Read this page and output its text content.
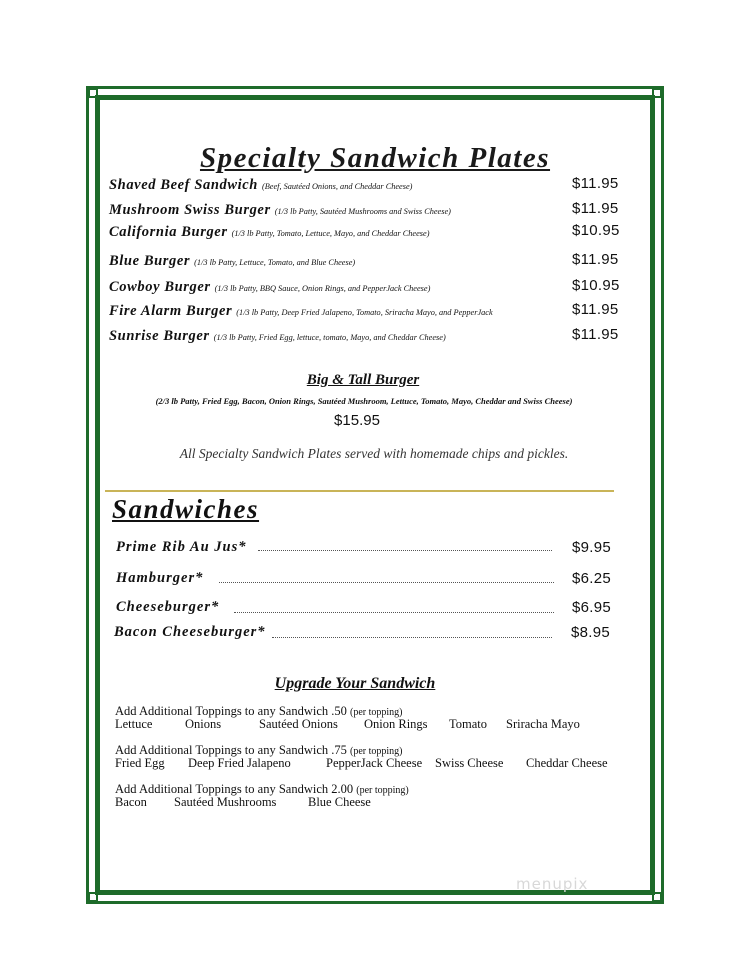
Specialty Sandwich Plates
Shaved Beef Sandwich (Beef, Sautéed Onions, and Cheddar Cheese)	$11.95
Mushroom Swiss Burger (1/3 lb Patty, Sautéed Mushrooms and Swiss Cheese)	$11.95
California Burger (1/3 lb Patty, Tomato, Lettuce, Mayo, and Cheddar Cheese)	$10.95
Blue Burger (1/3 lb Patty, Lettuce, Tomato, and Blue Cheese)	$11.95
Cowboy Burger (1/3 lb Patty, BBQ Sauce, Onion Rings, and PepperJack Cheese)	$10.95
Fire Alarm Burger (1/3 lb Patty, Deep Fried Jalapeno, Tomato, Sriracha Mayo, and PepperJack	$11.95
Sunrise Burger (1/3 lb Patty, Fried Egg, lettuce, tomato, Mayo, and Cheddar Cheese)	$11.95
Big & Tall Burger
(2/3 lb Patty, Fried Egg, Bacon, Onion Rings, Sautéed Mushroom, Lettuce, Tomato, Mayo, Cheddar and Swiss Cheese)
$15.95
All Specialty Sandwich Plates served with homemade chips and pickles.
Sandwiches
Prime Rib Au Jus*	$9.95
Hamburger*	$6.25
Cheeseburger*	$6.95
Bacon Cheeseburger*	$8.95
Upgrade Your Sandwich
Add Additional Toppings to any Sandwich .50 (per topping)
Lettuce	Onions	Sautéed Onions Onion Rings Tomato Sriracha Mayo
Add Additional Toppings to any Sandwich .75 (per topping)
Fried Egg Deep Fried Jalapeno	PepperJack Cheese Swiss Cheese Cheddar Cheese
Add Additional Toppings to any Sandwich 2.00 (per topping)
Bacon Sautéed Mushrooms	Blue Cheese
menupix
